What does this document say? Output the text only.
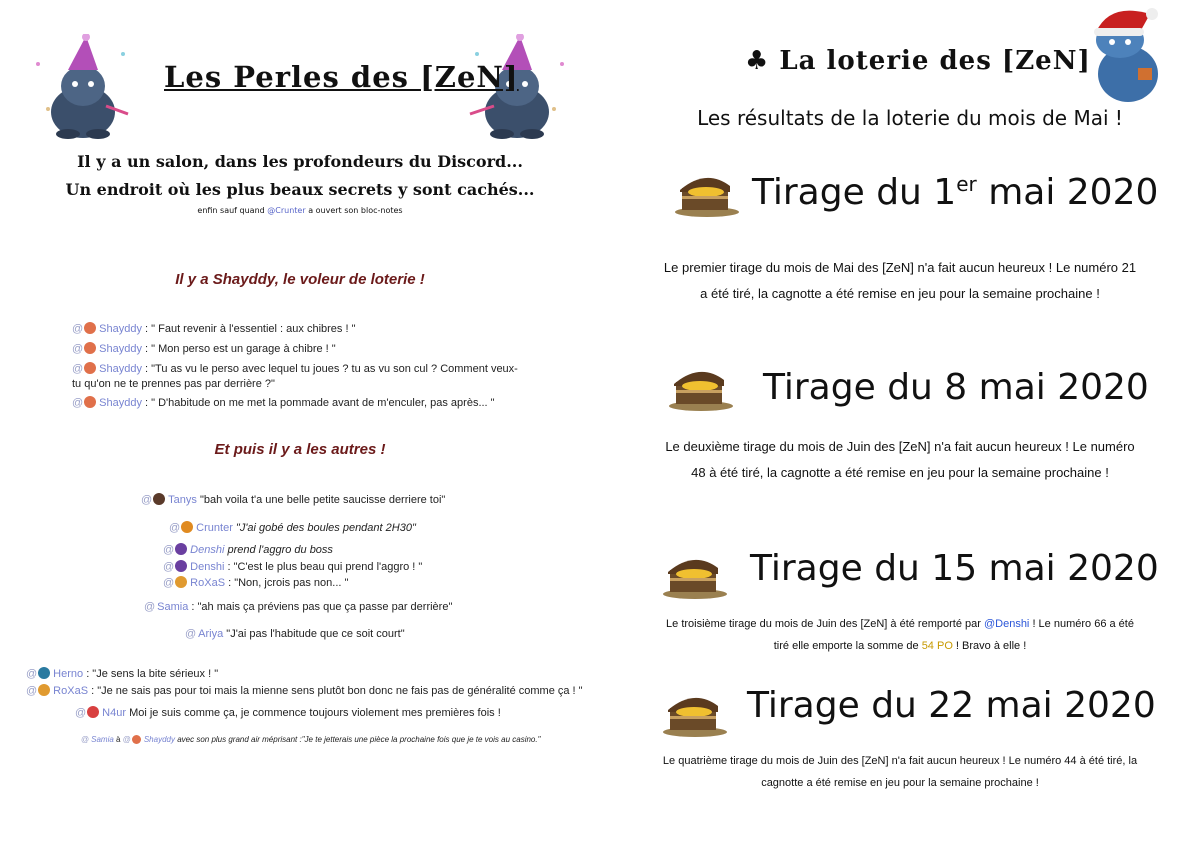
Les Perles des [ZeN]
Il y a un salon, dans les profondeurs du Discord...
Un endroit où les plus beaux secrets y sont cachés...
enfin sauf quand @Crunter a ouvert son bloc-notes
Il y a Shayddy, le voleur de loterie !
@ Shayddy : " Faut revenir à l'essentiel : aux chibres ! "
@ Shayddy : " Mon perso est un garage à chibre ! "
@ Shayddy : "Tu as vu le perso avec lequel tu joues ? tu as vu son cul ? Comment veux-
tu qu'on ne te prennes pas par derrière ?"
@ Shayddy : " D'habitude on me met la pommade avant de m'enculer, pas après... "
Et puis il y a les autres !
@ Tanys "bah voila t'a une belle petite saucisse derriere toi"
@ Crunter "J'ai gobé des boules pendant 2H30"
@ Denshi prend l'aggro du boss
@ Denshi : "C'est le plus beau qui prend l'aggro ! "
@ RoXaS : "Non, jcrois pas non... "
@ Samia : "ah mais ça préviens pas que ça passe par derrière"
@ Ariya "J'ai pas l'habitude que ce soit court"
@ Herno : "Je sens la bite sérieux ! "
@ RoXaS : "Je ne sais pas pour toi mais la mienne sens plutôt bon donc ne fais pas de généralité comme ça ! "
@ N4ur Moi je suis comme ça, je commence toujours violement mes premières fois !
@ Samia à @ Shayddy avec son plus grand air méprisant :"Je te jetterais une pièce la prochaine fois que je te vois au casino."
♣ La loterie des [ZeN]
Les résultats de la loterie du mois de Mai !
Tirage du 1er mai 2020
Le premier tirage du mois de Mai des [ZeN] n'a fait aucun heureux ! Le numéro 21 a été tiré, la cagnotte a été remise en jeu pour la semaine prochaine !
Tirage du 8 mai 2020
Le deuxième tirage du mois de Juin des [ZeN] n'a fait aucun heureux ! Le numéro 48 à été tiré, la cagnotte a été remise en jeu pour la semaine prochaine !
Tirage du 15 mai 2020
Le troisième tirage du mois de Juin des [ZeN] à été remporté par @Denshi ! Le numéro 66 a été tiré elle emporte la somme de 54 PO ! Bravo à elle !
Tirage du 22 mai 2020
Le quatrième tirage du mois de Juin des [ZeN] n'a fait aucun heureux ! Le numéro 44 à été tiré, la cagnotte a été remise en jeu pour la semaine prochaine !
